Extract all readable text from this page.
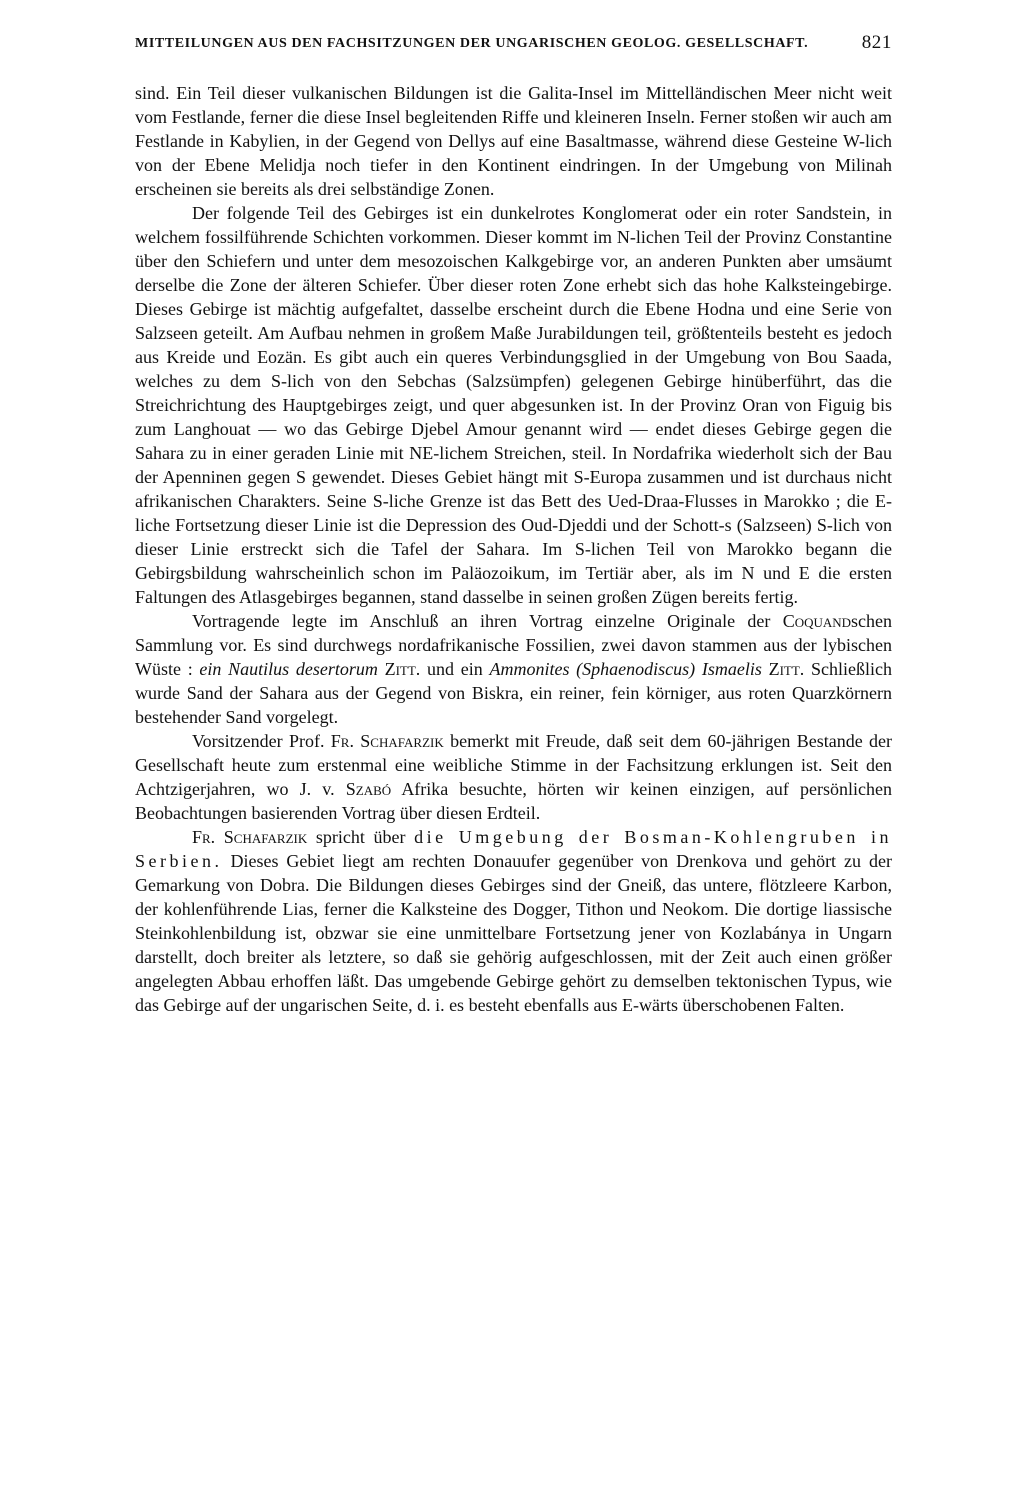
MITTEILUNGEN AUS DEN FACHSITZUNGEN DER UNGARISCHEN GEOLOG. GESELLSCHAFT.	821

sind. Ein Teil dieser vulkanischen Bildungen ist die Galita-Insel im Mittelländischen Meer nicht weit vom Festlande, ferner die diese Insel begleitenden Riffe und kleineren Inseln. Ferner stoßen wir auch am Festlande in Kabylien, in der Gegend von Dellys auf eine Basaltmasse, während diese Gesteine W-lich von der Ebene Melidja noch tiefer in den Kontinent eindringen. In der Umgebung von Milinah erscheinen sie bereits als drei selbständige Zonen.

Der folgende Teil des Gebirges ist ein dunkelrotes Konglomerat oder ein roter Sandstein, in welchem fossilführende Schichten vorkommen. Dieser kommt im N-lichen Teil der Provinz Constantine über den Schiefern und unter dem mesozoischen Kalkgebirge vor, an anderen Punkten aber umsäumt derselbe die Zone der älteren Schiefer. Über dieser roten Zone erhebt sich das hohe Kalksteingebirge. Dieses Gebirge ist mächtig aufgefaltet, dasselbe erscheint durch die Ebene Hodna und eine Serie von Salzseen geteilt. Am Aufbau nehmen in großem Maße Jurabildungen teil, größtenteils besteht es jedoch aus Kreide und Eozän. Es gibt auch ein queres Verbindungsglied in der Umgebung von Bou Saada, welches zu dem S-lich von den Sebchas (Salzsümpfen) gelegenen Gebirge hinüberführt, das die Streichrichtung des Hauptgebirges zeigt, und quer abgesunken ist. In der Provinz Oran von Figuig bis zum Langhouat — wo das Gebirge Djebel Amour genannt wird — endet dieses Gebirge gegen die Sahara zu in einer geraden Linie mit NE-lichem Streichen, steil. In Nordafrika wiederholt sich der Bau der Apenninen gegen S gewendet. Dieses Gebiet hängt mit S-Europa zusammen und ist durchaus nicht afrikanischen Charakters. Seine S-liche Grenze ist das Bett des Ued-Draa-Flusses in Marokko ; die E-liche Fortsetzung dieser Linie ist die Depression des Oud-Djeddi und der Schott-s (Salzseen) S-lich von dieser Linie erstreckt sich die Tafel der Sahara. Im S-lichen Teil von Marokko begann die Gebirgsbildung wahrscheinlich schon im Paläozoikum, im Tertiär aber, als im N und E die ersten Faltungen des Atlasgebirges begannen, stand dasselbe in seinen großen Zügen bereits fertig.

Vortragende legte im Anschluß an ihren Vortrag einzelne Originale der Coquandschen Sammlung vor. Es sind durchwegs nordafrikanische Fossilien, zwei davon stammen aus der lybischen Wüste : ein Nautilus desertorum Zitt. und ein Ammonites (Sphaenodiscus) Ismaelis Zitt. Schließlich wurde Sand der Sahara aus der Gegend von Biskra, ein reiner, fein körniger, aus roten Quarzkörnern bestehender Sand vorgelegt.

Vorsitzender Prof. Fr. Schafarzik bemerkt mit Freude, daß seit dem 60-jährigen Bestande der Gesellschaft heute zum erstenmal eine weibliche Stimme in der Fachsitzung erklungen ist. Seit den Achtzigerjahren, wo J. v. Szabó Afrika besuchte, hörten wir keinen einzigen, auf persönlichen Beobachtungen basierenden Vortrag über diesen Erdteil.

Fr. Schafarzik spricht über die Umgebung der Bosman-Kohlengruben in Serbien. Dieses Gebiet liegt am rechten Donauufer gegenüber von Drenkova und gehört zu der Gemarkung von Dobra. Die Bildungen dieses Gebirges sind der Gneiß, das untere, flötzleere Karbon, der kohlenführende Lias, ferner die Kalksteine des Dogger, Tithon und Neokom. Die dortige liassische Steinkohlenbildung ist, obzwar sie eine unmittelbare Fortsetzung jener von Kozlabánya in Ungarn darstellt, doch breiter als letztere, so daß sie gehörig aufgeschlossen, mit der Zeit auch einen größer angelegten Abbau erhoffen läßt. Das umgebende Gebirge gehört zu demselben tektonischen Typus, wie das Gebirge auf der ungarischen Seite, d. i. es besteht ebenfalls aus E-wärts überschobenen Falten.
